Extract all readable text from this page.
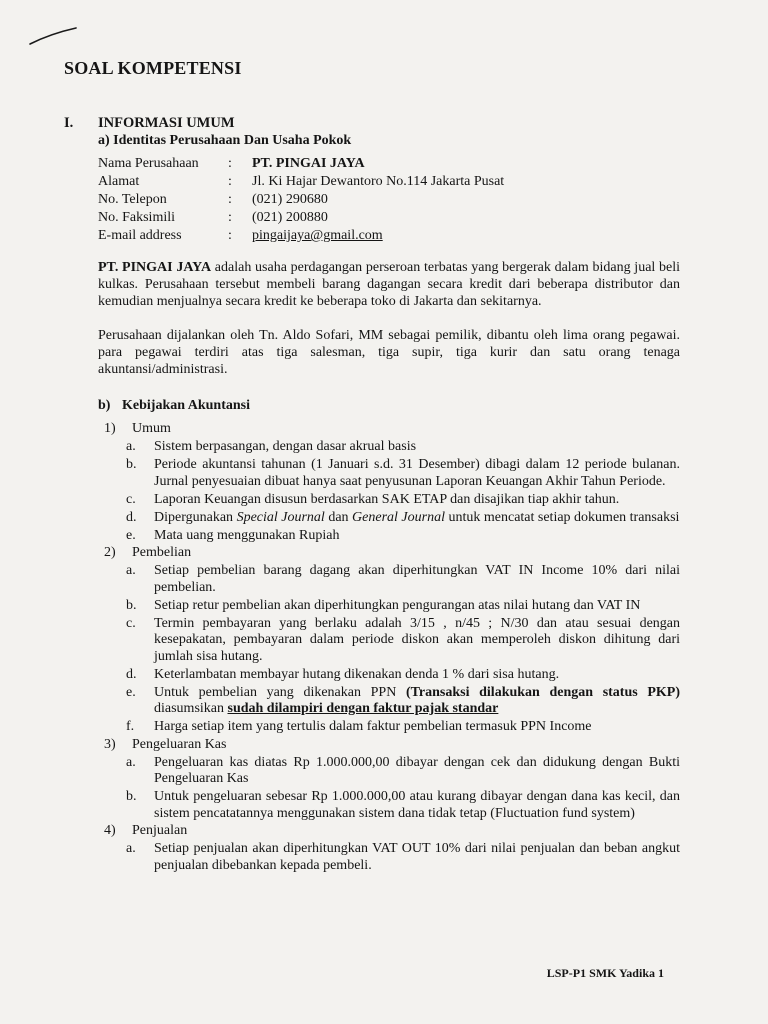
SOAL KOMPETENSI
I. INFORMASI UMUM
a) Identitas Perusahaan Dan Usaha Pokok
Nama Perusahaan	:	PT. PINGAI JAYA
Alamat	:	Jl. Ki Hajar Dewantoro No.114 Jakarta Pusat
No. Telepon	:	(021) 290680
No. Faksimili	:	(021) 200880
E-mail address	:	pingaijaya@gmail.com
PT. PINGAI JAYA adalah usaha perdagangan perseroan terbatas yang bergerak dalam bidang jual beli kulkas. Perusahaan tersebut membeli barang dagangan secara kredit dari beberapa distributor dan kemudian menjualnya secara kredit ke beberapa toko di Jakarta dan sekitarnya.
Perusahaan dijalankan oleh Tn. Aldo Sofari, MM sebagai pemilik, dibantu oleh lima orang pegawai. para pegawai terdiri atas tiga salesman, tiga supir, tiga kurir dan satu orang tenaga akuntansi/administrasi.
b) Kebijakan Akuntansi
1)	Umum
a.	Sistem berpasangan, dengan dasar akrual basis
b.	Periode akuntansi tahunan (1 Januari s.d. 31 Desember) dibagi dalam 12 periode bulanan. Jurnal penyesuaian dibuat hanya saat penyusunan Laporan Keuangan Akhir Tahun Periode.
c.	Laporan Keuangan disusun berdasarkan SAK ETAP dan disajikan tiap akhir tahun.
d.	Dipergunakan Special Journal dan General Journal untuk mencatat setiap dokumen transaksi
e.	Mata uang menggunakan Rupiah
2)	Pembelian
a.	Setiap pembelian barang dagang akan diperhitungkan VAT IN Income 10% dari nilai pembelian.
b.	Setiap retur pembelian akan diperhitungkan pengurangan atas nilai hutang dan VAT IN
c.	Termin pembayaran yang berlaku adalah 3/15 , n/45 ; N/30 dan atau sesuai dengan kesepakatan, pembayaran dalam periode diskon akan memperoleh diskon dihitung dari jumlah sisa hutang.
d.	Keterlambatan membayar hutang dikenakan denda 1 % dari sisa hutang.
e.	Untuk pembelian yang dikenakan PPN (Transaksi dilakukan dengan status PKP) diasumsikan sudah dilampiri dengan faktur pajak standar
f.	Harga setiap item yang tertulis dalam faktur pembelian termasuk PPN Income
3)	Pengeluaran Kas
a.	Pengeluaran kas diatas Rp 1.000.000,00 dibayar dengan cek dan didukung dengan Bukti Pengeluaran Kas
b.	Untuk pengeluaran sebesar Rp 1.000.000,00 atau kurang dibayar dengan dana kas kecil, dan sistem pencatatannya menggunakan sistem dana tidak tetap (Fluctuation fund system)
4)	Penjualan
a.	Setiap penjualan akan diperhitungkan VAT OUT 10% dari nilai penjualan dan beban angkut penjualan dibebankan kepada pembeli.
LSP-P1 SMK Yadika 1
